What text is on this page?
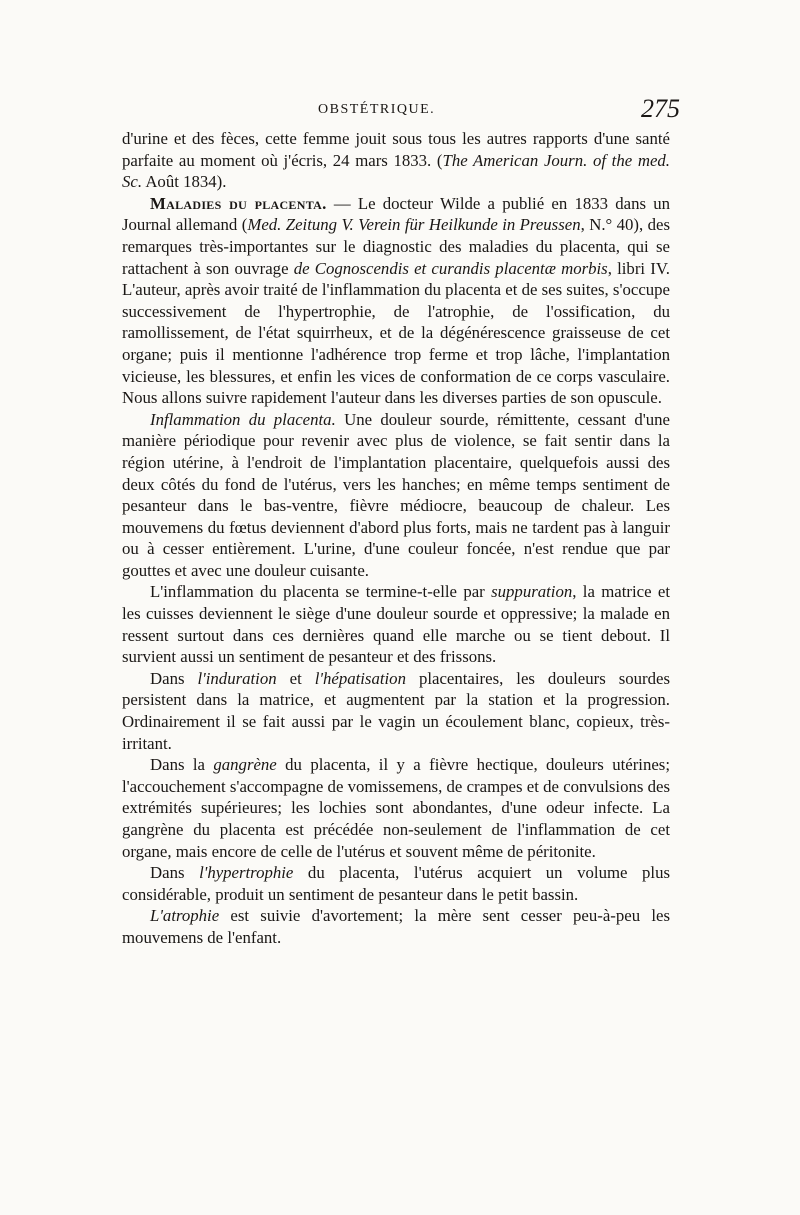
OBSTÉTRIQUE.	275

d'urine et des fèces, cette femme jouit sous tous les autres rapports d'une santé parfaite au moment où j'écris, 24 mars 1833. (The American Journ. of the med. Sc. Août 1834).

Maladies du placenta. — Le docteur Wilde a publié en 1833 dans un Journal allemand (Med. Zeitung V. Verein für Heilkunde in Preussen, N.° 40), des remarques très-importantes sur le diagnostic des maladies du placenta, qui se rattachent à son ouvrage de Cognoscendis et curandis placentæ morbis, libri IV. L'auteur, après avoir traité de l'inflammation du placenta et de ses suites, s'occupe successivement de l'hypertrophie, de l'atrophie, de l'ossification, du ramollissement, de l'état squirrheux, et de la dégénérescence graisseuse de cet organe; puis il mentionne l'adhérence trop ferme et trop lâche, l'implantation vicieuse, les blessures, et enfin les vices de conformation de ce corps vasculaire. Nous allons suivre rapidement l'auteur dans les diverses parties de son opuscule.

Inflammation du placenta. Une douleur sourde, rémittente, cessant d'une manière périodique pour revenir avec plus de violence, se fait sentir dans la région utérine, à l'endroit de l'implantation placentaire, quelquefois aussi des deux côtés du fond de l'utérus, vers les hanches; en même temps sentiment de pesanteur dans le bas-ventre, fièvre médiocre, beaucoup de chaleur. Les mouvemens du fœtus deviennent d'abord plus forts, mais ne tardent pas à languir ou à cesser entièrement. L'urine, d'une couleur foncée, n'est rendue que par gouttes et avec une douleur cuisante.

L'inflammation du placenta se termine-t-elle par suppuration, la matrice et les cuisses deviennent le siège d'une douleur sourde et oppressive; la malade en ressent surtout dans ces dernières quand elle marche ou se tient debout. Il survient aussi un sentiment de pesanteur et des frissons.

Dans l'induration et l'hépatisation placentaires, les douleurs sourdes persistent dans la matrice, et augmentent par la station et la progression. Ordinairement il se fait aussi par le vagin un écoulement blanc, copieux, très-irritant.

Dans la gangrène du placenta, il y a fièvre hectique, douleurs utérines; l'accouchement s'accompagne de vomissemens, de crampes et de convulsions des extrémités supérieures; les lochies sont abondantes, d'une odeur infecte. La gangrène du placenta est précédée non-seulement de l'inflammation de cet organe, mais encore de celle de l'utérus et souvent même de péritonite.

Dans l'hypertrophie du placenta, l'utérus acquiert un volume plus considérable, produit un sentiment de pesanteur dans le petit bassin.

L'atrophie est suivie d'avortement; la mère sent cesser peu-à-peu les mouvemens de l'enfant.
